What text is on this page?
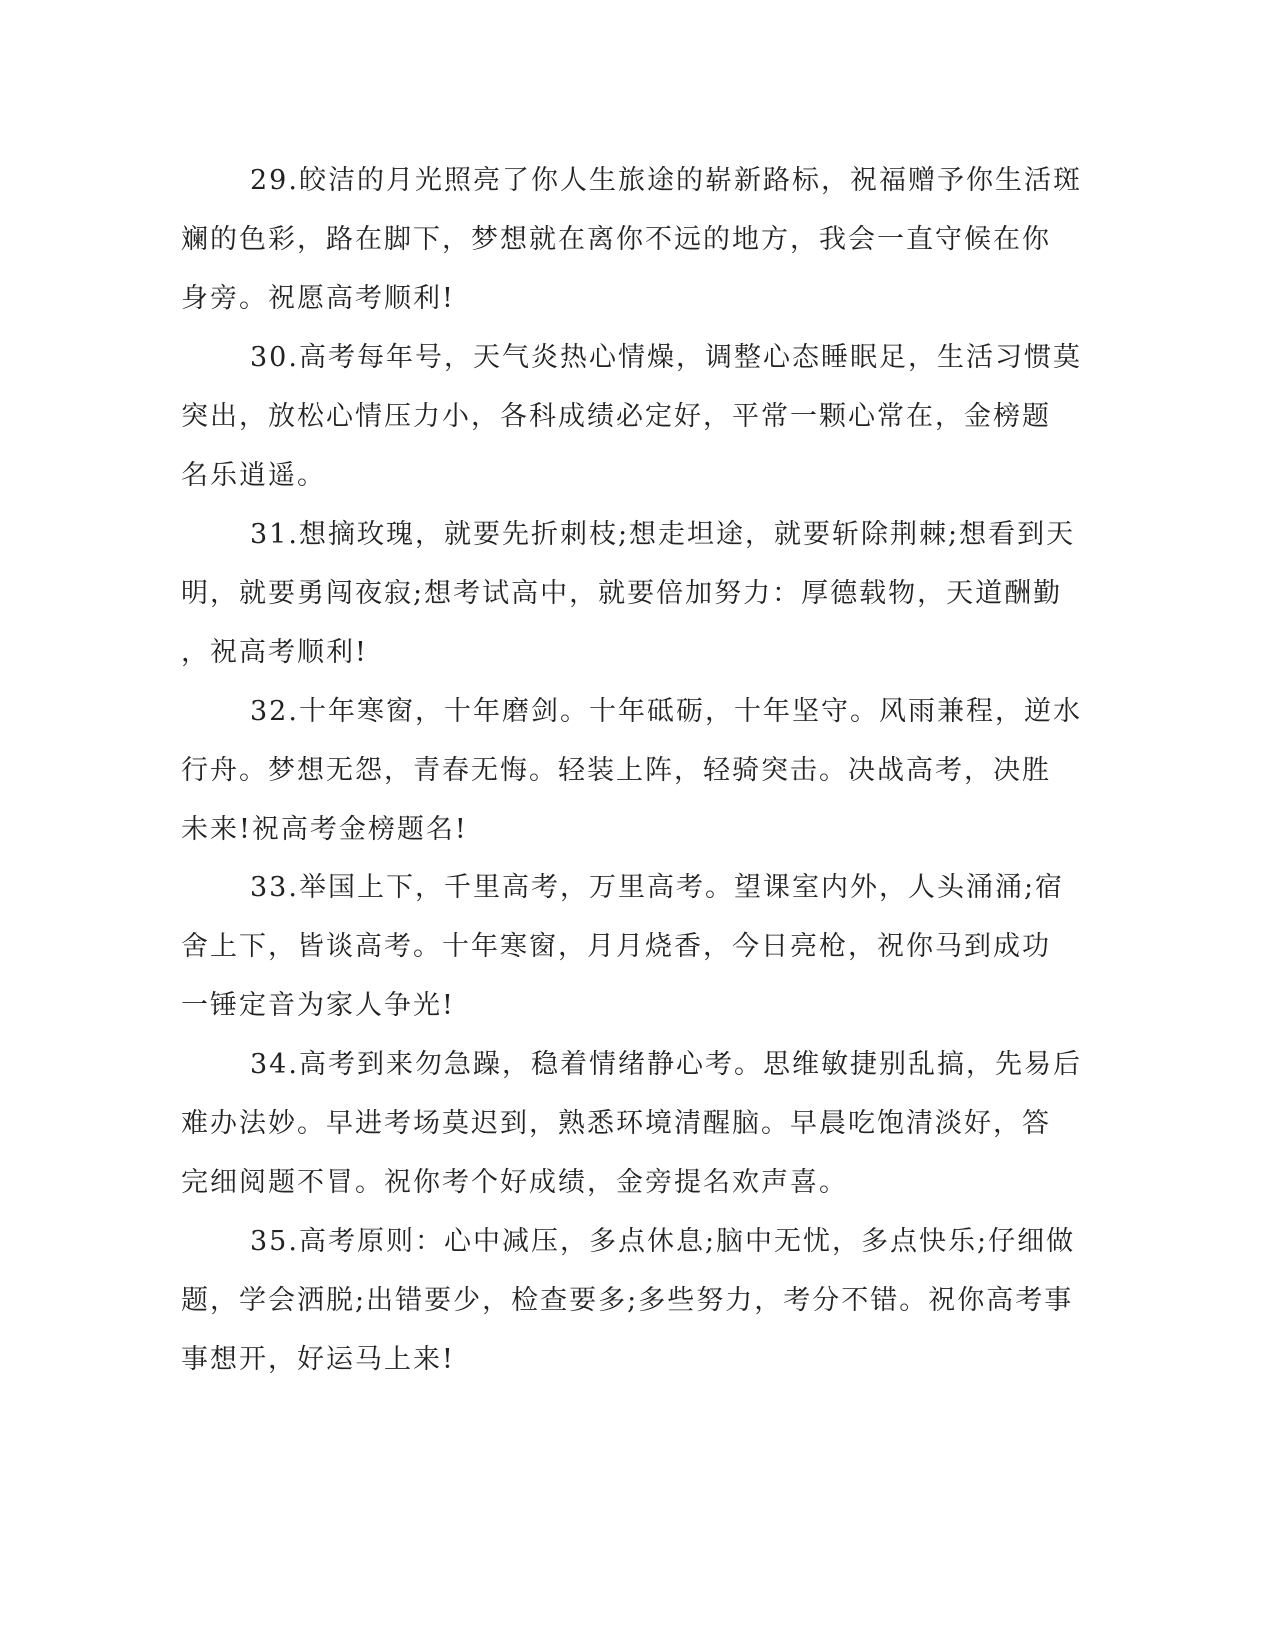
29.皎洁的月光照亮了你人生旅途的崭新路标，祝福赠予你生活斑
斓的色彩，路在脚下，梦想就在离你不远的地方，我会一直守候在你
身旁。祝愿高考顺利!

30.高考每年号，天气炎热心情燥，调整心态睡眠足，生活习惯莫
突出，放松心情压力小，各科成绩必定好，平常一颗心常在，金榜题
名乐逍遥。

31.想摘玫瑰，就要先折刺枝;想走坦途，就要斩除荆棘;想看到天
明，就要勇闯夜寂;想考试高中，就要倍加努力：厚德载物，天道酬勤
，祝高考顺利!

32.十年寒窗，十年磨剑。十年砥砺，十年坚守。风雨兼程，逆水
行舟。梦想无怨，青春无悔。轻装上阵，轻骑突击。决战高考，决胜
未来!祝高考金榜题名!

33.举国上下，千里高考，万里高考。望课室内外，人头涌涌;宿
舍上下，皆谈高考。十年寒窗，月月烧香，今日亮枪，祝你马到成功
一锤定音为家人争光!

34.高考到来勿急躁，稳着情绪静心考。思维敏捷别乱搞，先易后
难办法妙。早进考场莫迟到，熟悉环境清醒脑。早晨吃饱清淡好，答
完细阅题不冒。祝你考个好成绩，金旁提名欢声喜。

35.高考原则：心中减压，多点休息;脑中无忧，多点快乐;仔细做
题，学会洒脱;出错要少，检查要多;多些努力，考分不错。祝你高考事
事想开，好运马上来!
